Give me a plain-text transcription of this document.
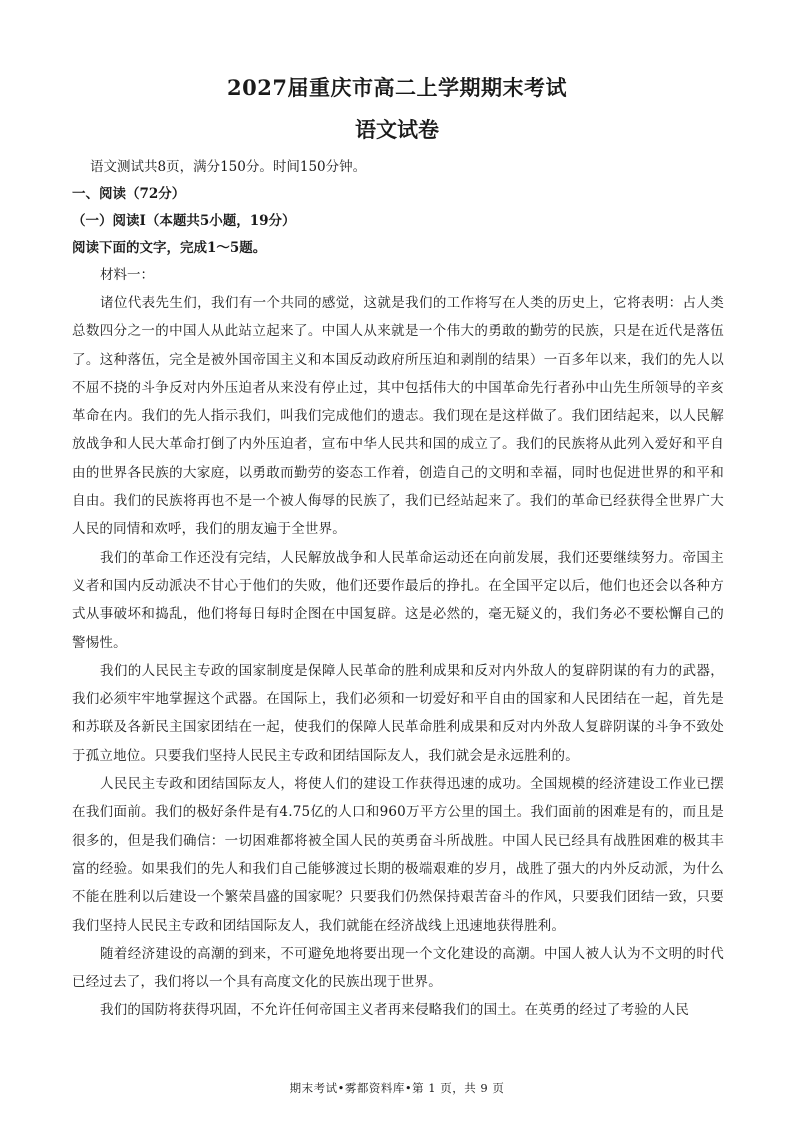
2027届重庆市高二上学期期末考试
语文试卷
语文测试共8页，满分150分。时间150分钟。
一、阅读（72分）
（一）阅读Ⅰ（本题共5小题，19分）
阅读下面的文字，完成1～5题。
材料一：

诸位代表先生们，我们有一个共同的感觉，这就是我们的工作将写在人类的历史上，它将表明：占人类总数四分之一的中国人从此站立起来了。中国人从来就是一个伟大的勇敢的勤劳的民族，只是在近代是落伍了。这种落伍，完全是被外国帝国主义和本国反动政府所压迫和剥削的结果）一百多年以来，我们的先人以不屈不挠的斗争反对内外压迫者从来没有停止过，其中包括伟大的中国革命先行者孙中山先生所领导的辛亥革命在内。我们的先人指示我们，叫我们完成他们的遗志。我们现在是这样做了。我们团结起来，以人民解放战争和人民大革命打倒了内外压迫者，宣布中华人民共和国的成立了。我们的民族将从此列入爱好和平自由的世界各民族的大家庭，以勇敢而勤劳的姿态工作着，创造自己的文明和幸福，同时也促进世界的和平和自由。我们的民族将再也不是一个被人侮辱的民族了，我们已经站起来了。我们的革命已经获得全世界广大人民的同情和欢呼，我们的朋友遍于全世界。

我们的革命工作还没有完结，人民解放战争和人民革命运动还在向前发展，我们还要继续努力。帝国主义者和国内反动派决不甘心于他们的失败，他们还要作最后的挣扎。在全国平定以后，他们也还会以各种方式从事破坏和捣乱，他们将每日每时企图在中国复辟。这是必然的，毫无疑义的，我们务必不要松懈自己的警惕性。

我们的人民民主专政的国家制度是保障人民革命的胜利成果和反对内外敌人的复辟阴谋的有力的武器，我们必须牢牢地掌握这个武器。在国际上，我们必须和一切爱好和平自由的国家和人民团结在一起，首先是和苏联及各新民主国家团结在一起，使我们的保障人民革命胜利成果和反对内外敌人复辟阴谋的斗争不致处于孤立地位。只要我们坚持人民民主专政和团结国际友人，我们就会是永远胜利的。

人民民主专政和团结国际友人，将使人们的建设工作获得迅速的成功。全国规模的经济建设工作业已摆在我们面前。我们的极好条件是有4.75亿的人口和960万平方公里的国土。我们面前的困难是有的，而且是很多的，但是我们确信：一切困难都将被全国人民的英勇奋斗所战胜。中国人民已经具有战胜困难的极其丰富的经验。如果我们的先人和我们自己能够渡过长期的极端艰难的岁月，战胜了强大的内外反动派，为什么不能在胜利以后建设一个繁荣昌盛的国家呢？只要我们仍然保持艰苦奋斗的作风，只要我们团结一致，只要我们坚持人民民主专政和团结国际友人，我们就能在经济战线上迅速地获得胜利。

随着经济建设的高潮的到来，不可避免地将要出现一个文化建设的高潮。中国人被人认为不文明的时代已经过去了，我们将以一个具有高度文化的民族出现于世界。

我们的国防将获得巩固，不允许任何帝国主义者再来侵略我们的国土。在英勇的经过了考验的人民

期末考试•雾都资料库•第 1 页，共 9 页
